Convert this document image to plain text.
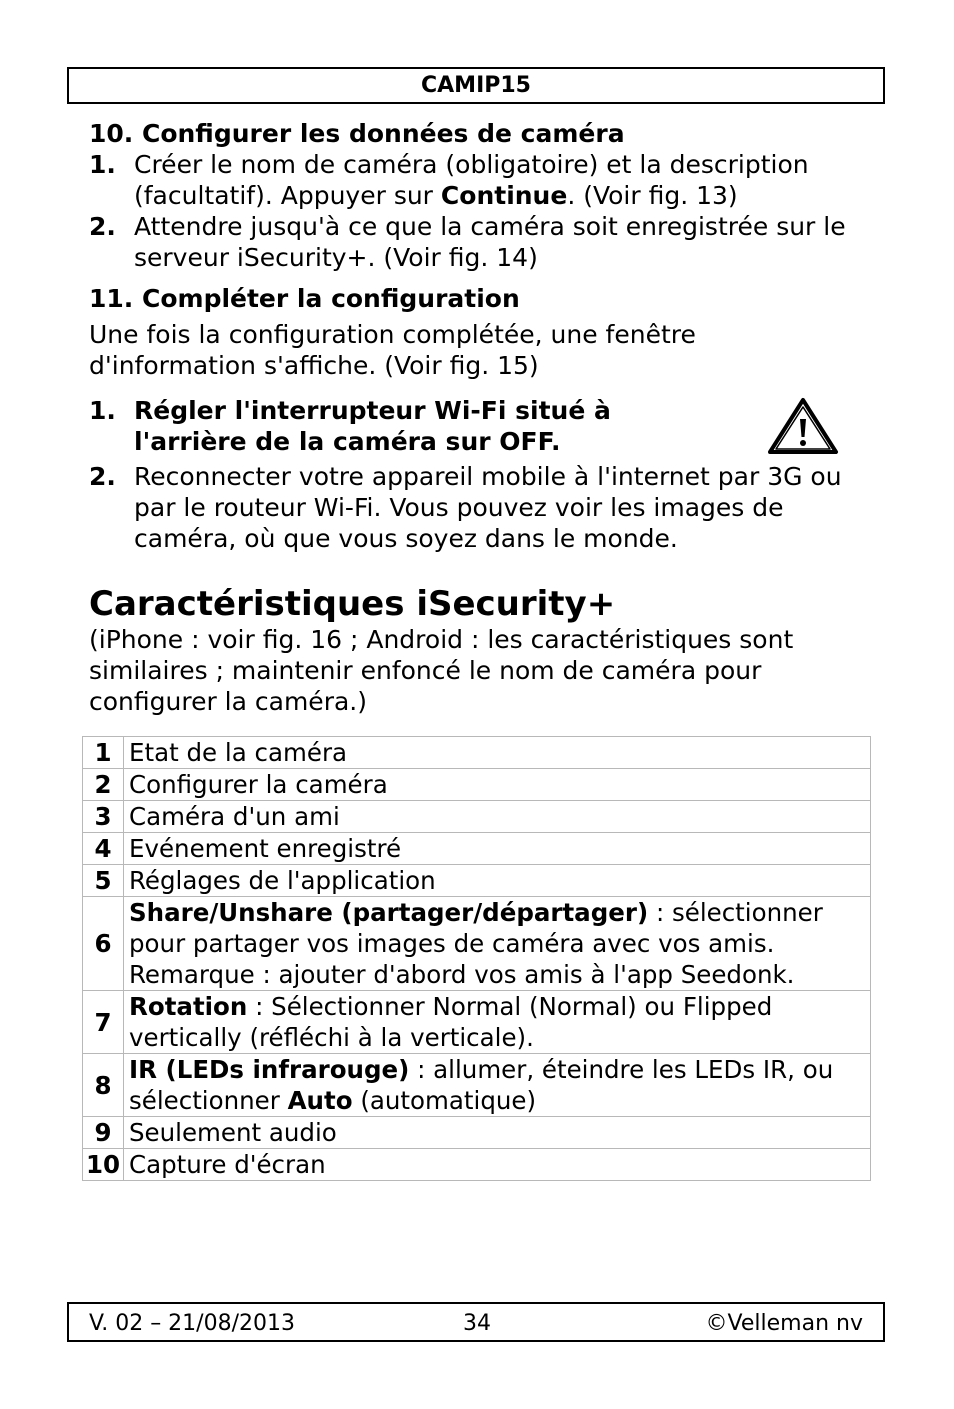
CAMIP15

10. Configurer les données de caméra

1. Créer le nom de caméra (obligatoire) et la description (facultatif). Appuyer sur Continue. (Voir fig. 13)
2. Attendre jusqu'à ce que la caméra soit enregistrée sur le serveur iSecurity+. (Voir fig. 14)

11. Compléter la configuration

Une fois la configuration complétée, une fenêtre d'information s'affiche. (Voir fig. 15)

1. Régler l'interrupteur Wi-Fi situé à l'arrière de la caméra sur OFF.
2. Reconnecter votre appareil mobile à l'internet par 3G ou par le routeur Wi-Fi. Vous pouvez voir les images de caméra, où que vous soyez dans le monde.

Caractéristiques iSecurity+

(iPhone : voir fig. 16 ; Android : les caractéristiques sont similaires ; maintenir enfoncé le nom de caméra pour configurer la caméra.)

1	Etat de la caméra
2	Configurer la caméra
3	Caméra d'un ami
4	Evénement enregistré
5	Réglages de l'application
6	Share/Unshare (partager/départager) : sélectionner pour partager vos images de caméra avec vos amis. Remarque : ajouter d'abord vos amis à l'app Seedonk.
7	Rotation : Sélectionner Normal (Normal) ou Flipped vertically (réfléchi à la verticale).
8	IR (LEDs infrarouge) : allumer, éteindre les LEDs IR, ou sélectionner Auto (automatique)
9	Seulement audio
10	Capture d'écran
V. 02 – 21/08/2013	34	©Velleman nv
